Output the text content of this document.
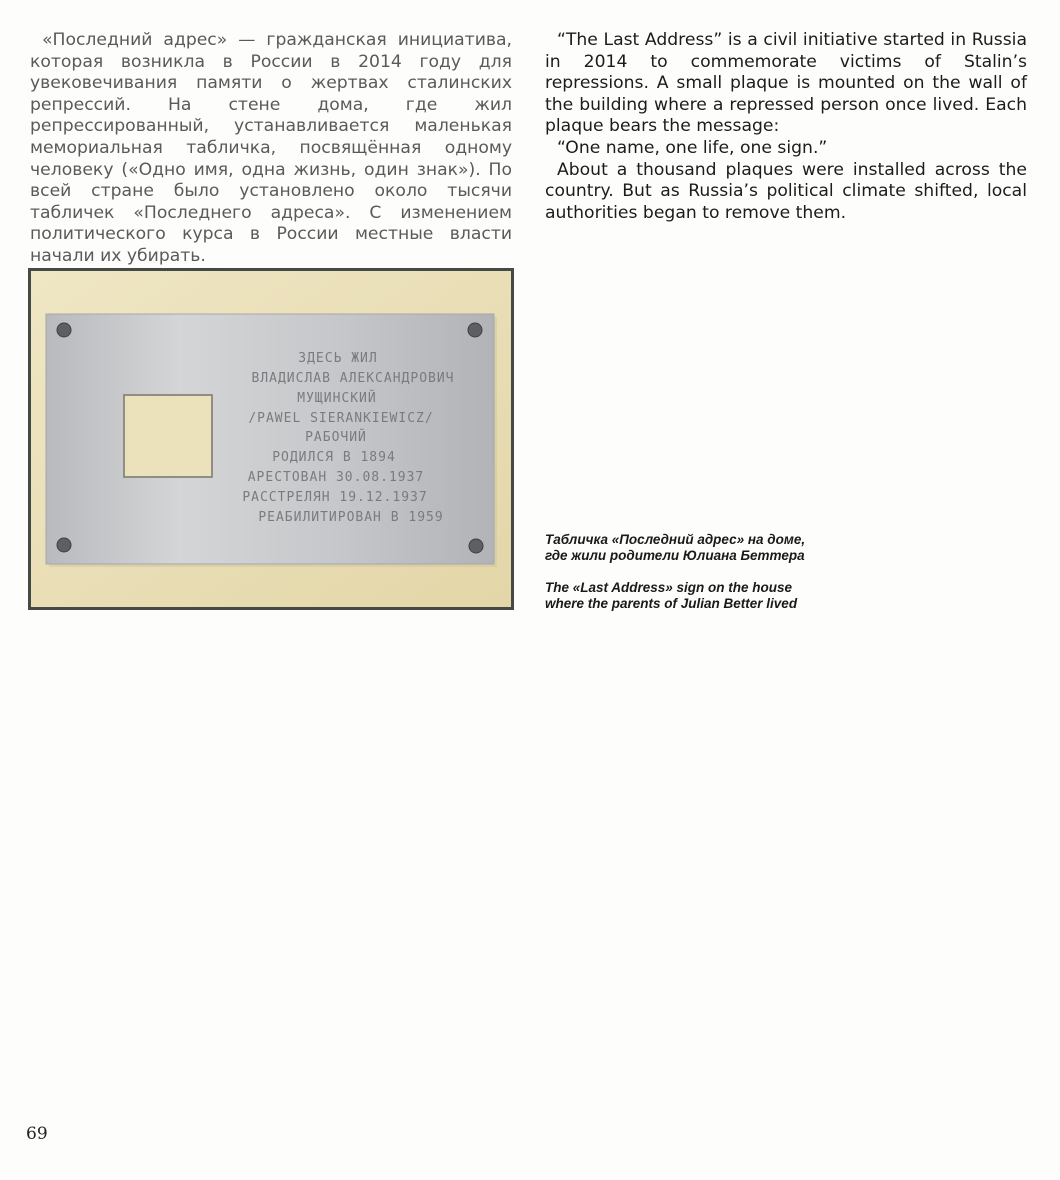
«Последний адрес» — гражданская инициатива, которая возникла в России в 2014 году для увековечивания памяти о жертвах сталинских репрессий. На стене дома, где жил репрессированный, устанавливается маленькая мемориальная табличка, посвящённая одному человеку («Одно имя, одна жизнь, один знак»). По всей стране было установлено около тысячи табличек «Последнего адреса». С изменением политического курса в России местные власти начали их убирать.

“The Last Address” is a civil initiative started in Russia in 2014 to commemorate victims of Stalin’s repressions. A small plaque is mounted on the wall of the building where a repressed person once lived. Each plaque bears the message:

“One name, one life, one sign.”

About a thousand plaques were installed across the country. But as Russia’s political climate shifted, local authorities began to remove them.

ЗДЕСЬ ЖИЛ
ВЛАДИСЛАВ АЛЕКСАНДРОВИЧ
МУЩИНСКИЙ
/PAWEL SIERANKIEWICZ/
РАБОЧИЙ
РОДИЛСЯ В 1894
АРЕСТОВАН 30.08.1937
РАССТРЕЛЯН 19.12.1937
РЕАБИЛИТИРОВАН В 1959
Табличка «Последний адрес» на доме,
где жили родители Юлиана Беттера
The «Last Address» sign on the house
where the parents of Julian Better lived
69
